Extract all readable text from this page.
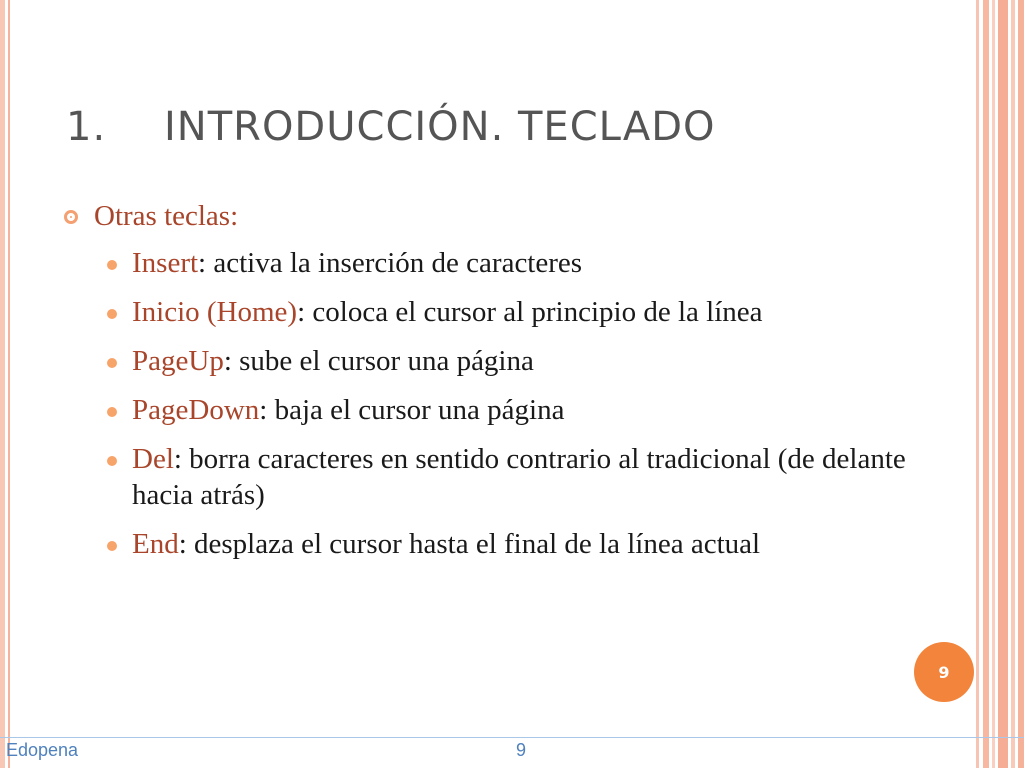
1. INTRODUCCIÓN. TECLADO
Otras teclas:
Insert: activa la inserción de caracteres
Inicio (Home): coloca el cursor al principio de la línea
PageUp: sube el cursor una página
PageDown: baja el cursor una página
Del: borra caracteres en sentido contrario al tradicional (de delante hacia atrás)
End: desplaza el cursor hasta el final de la línea actual
9
Edopena	9
